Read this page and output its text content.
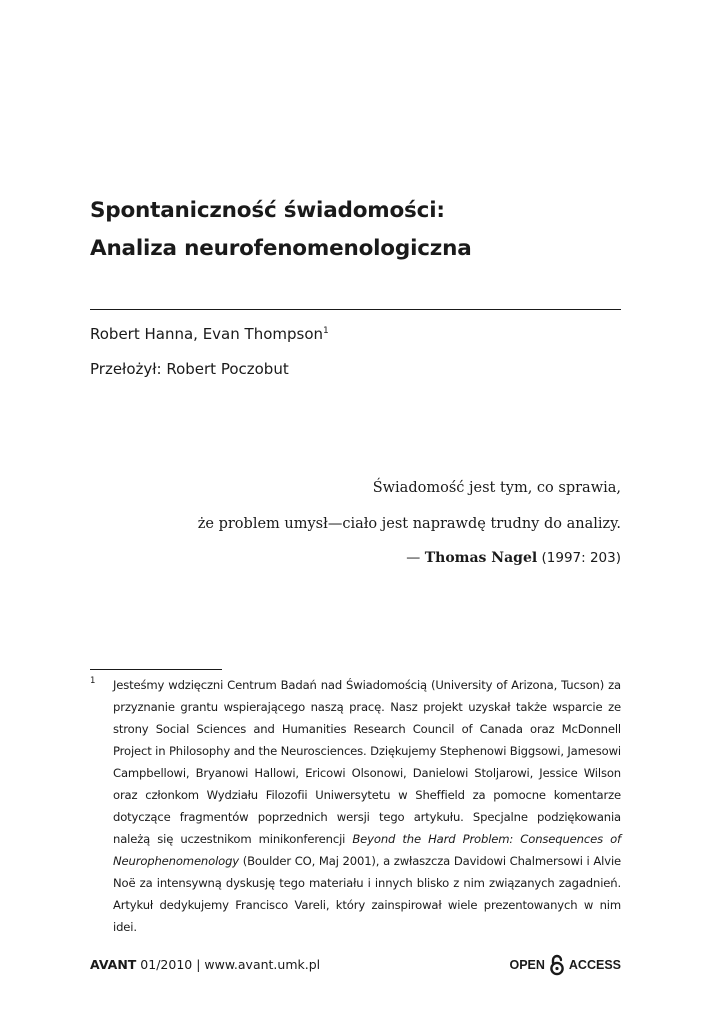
Spontaniczność świadomości:
Analiza neurofenomenologiczna
Robert Hanna, Evan Thompson$^1$
Przełożył: Robert Poczobut
Świadomość jest tym, co sprawia,
że problem umysł—ciało jest naprawdę trudny do analizy.
— Thomas Nagel (1997: 203)
1 Jesteśmy wdzięczni Centrum Badań nad Świadomością (University of Arizona, Tucson) za przyznanie grantu wspierającego naszą pracę. Nasz projekt uzyskał także wsparcie ze strony Social Sciences and Humanities Research Council of Canada oraz McDonnell Project in Philosophy and the Neurosciences. Dziękujemy Stephenowi Biggsowi, Jamesowi Campbellowi, Bryanowi Hallowi, Ericowi Olsonowi, Danielowi Stoljarowi, Jessice Wilson oraz członkom Wydziału Filozofii Uniwersytetu w Sheffield za pomocne komentarze dotyczące fragmentów poprzednich wersji tego artykułu. Specjalne podziękowania należą się uczestnikom minikonferencji Beyond the Hard Problem: Consequences of Neurophenomenology (Boulder CO, Maj 2001), a zwłaszcza Davidowi Chalmersowi i Alvie Noë za intensywną dyskusję tego materiału i innych blisko z nim związanych zagadnień. Artykuł dedykujemy Francisco Vareli, który zainspirował wiele prezentowanych w nim idei.
AVANT 01/2010 | www.avant.umk.pl	OPEN ACCESS
